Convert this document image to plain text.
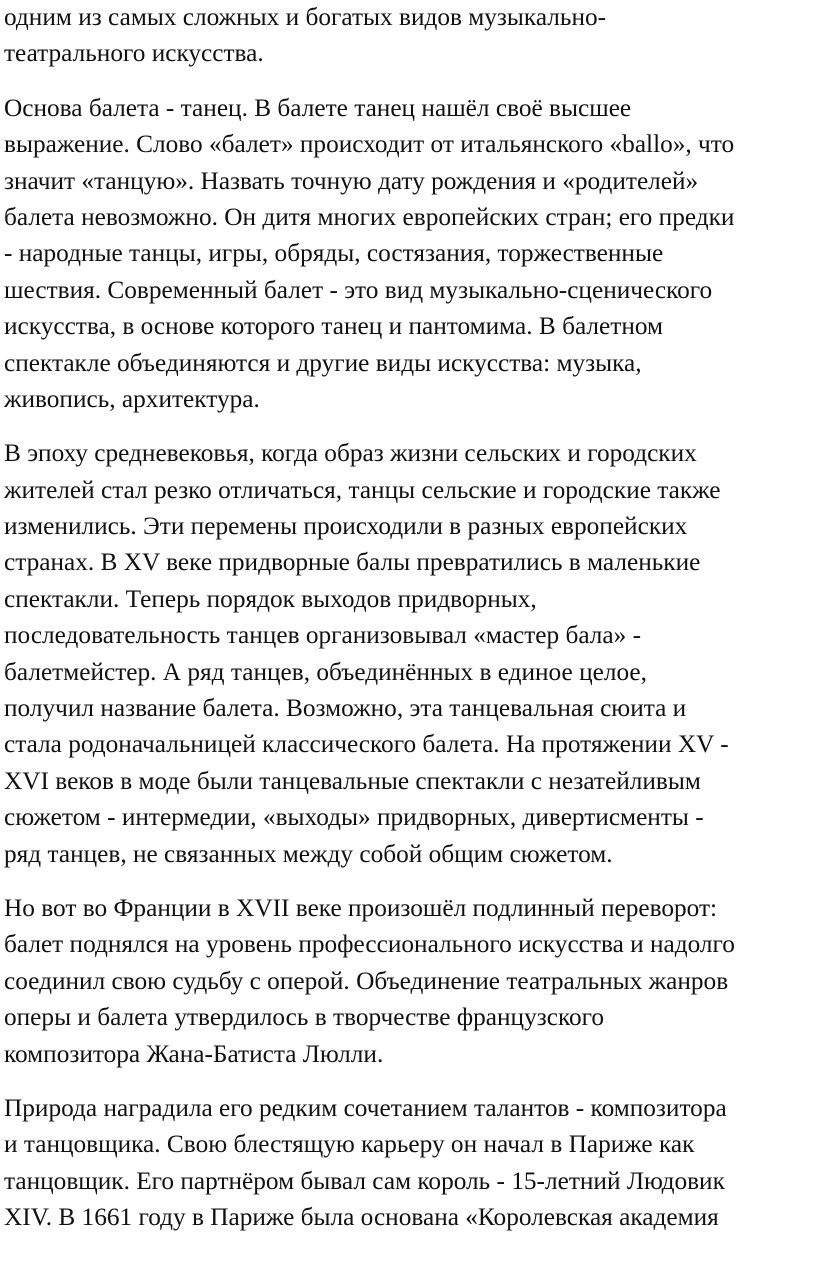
одним из самых сложных и богатых видов музыкально-
театрального искусства.
Основа балета - танец. В балете танец нашёл своё высшее
выражение. Слово «балет» происходит от итальянского «ballo», что
значит «танцую». Назвать точную дату рождения и «родителей»
балета невозможно. Он дитя многих европейских стран; его предки
- народные танцы, игры, обряды, состязания, торжественные
шествия. Современный балет - это вид музыкально-сценического
искусства, в основе которого танец и пантомима. В балетном
спектакле объединяются и другие виды искусства: музыка,
живопись, архитектура.
В эпоху средневековья, когда образ жизни сельских и городских
жителей стал резко отличаться, танцы сельские и городские также
изменились. Эти перемены происходили в разных европейских
странах. В XV веке придворные балы превратились в маленькие
спектакли. Теперь порядок выходов придворных,
последовательность танцев организовывал «мастер бала» -
балетмейстер. А ряд танцев, объединённых в единое целое,
получил название балета. Возможно, эта танцевальная сюита и
стала родоначальницей классического балета. На протяжении XV -
XVI веков в моде были танцевальные спектакли с незатейливым
сюжетом - интермедии, «выходы» придворных, дивертисменты -
ряд танцев, не связанных между собой общим сюжетом.
Но вот во Франции в XVII веке произошёл подлинный переворот:
балет поднялся на уровень профессионального искусства и надолго
соединил свою судьбу с оперой. Объединение театральных жанров
оперы и балета утвердилось в творчестве французского
композитора Жана-Батиста Люлли.
Природа наградила его редким сочетанием талантов - композитора
и танцовщика. Свою блестящую карьеру он начал в Париже как
танцовщик. Его партнёром бывал сам король - 15-летний Людовик
XIV. В 1661 году в Париже была основана «Королевская академия
